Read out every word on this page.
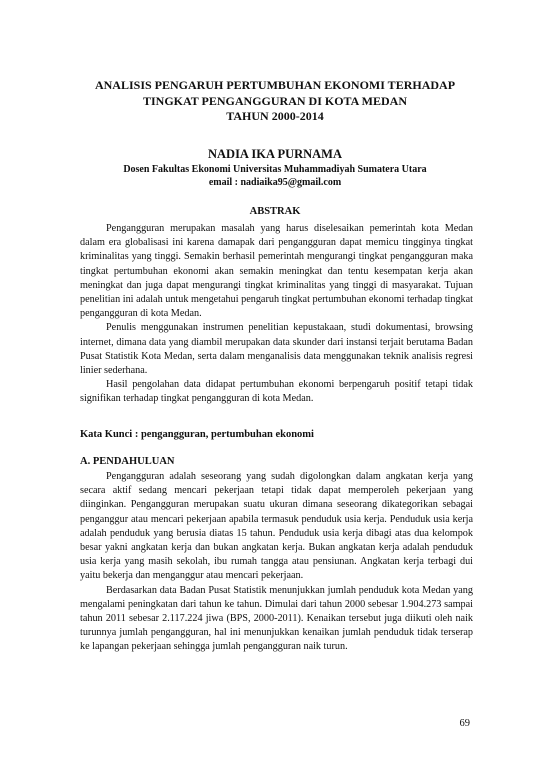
ANALISIS PENGARUH PERTUMBUHAN EKONOMI TERHADAP
TINGKAT PENGANGGURAN DI KOTA MEDAN
TAHUN 2000-2014
NADIA IKA PURNAMA
Dosen Fakultas Ekonomi Universitas Muhammadiyah Sumatera Utara
email : nadiaika95@gmail.com
ABSTRAK

Pengangguran merupakan masalah yang harus diselesaikan pemerintah kota Medan dalam era globalisasi ini karena damapak dari pengangguran dapat memicu tingginya tingkat kriminalitas yang tinggi. Semakin berhasil pemerintah mengurangi tingkat pengangguran maka tingkat pertumbuhan ekonomi akan semakin meningkat dan tentu kesempatan kerja akan meningkat dan juga dapat mengurangi tingkat kriminalitas yang tinggi di masyarakat. Tujuan penelitian ini adalah untuk mengetahui pengaruh tingkat pertumbuhan ekonomi terhadap tingkat pengangguran di kota Medan.

Penulis menggunakan instrumen penelitian kepustakaan, studi dokumentasi, browsing internet, dimana data yang diambil merupakan data skunder dari instansi terjait berutama Badan Pusat Statistik Kota Medan, serta dalam menganalisis data menggunakan teknik analisis regresi linier sederhana.

Hasil pengolahan data didapat pertumbuhan ekonomi berpengaruh positif tetapi tidak signifikan terhadap tingkat pengangguran di kota Medan.

Kata Kunci : pengangguran, pertumbuhan ekonomi
A. PENDAHULUAN

Pengangguran adalah seseorang yang sudah digolongkan dalam angkatan kerja yang secara aktif sedang mencari pekerjaan tetapi tidak dapat memperoleh pekerjaan yang diinginkan. Pengangguran merupakan suatu ukuran dimana seseorang dikategorikan sebagai penganggur atau mencari pekerjaan apabila termasuk penduduk usia kerja. Penduduk usia kerja adalah penduduk yang berusia diatas 15 tahun. Penduduk usia kerja dibagi atas dua kelompok besar yakni angkatan kerja dan bukan angkatan kerja. Bukan angkatan kerja adalah penduduk usia kerja yang masih sekolah, ibu rumah tangga atau pensiunan. Angkatan kerja terbagi dui yaitu bekerja dan menganggur atau mencari pekerjaan.

Berdasarkan data Badan Pusat Statistik menunjukkan jumlah penduduk kota Medan yang mengalami peningkatan dari tahun ke tahun. Dimulai dari tahun 2000 sebesar 1.904.273 sampai tahun 2011 sebesar 2.117.224 jiwa (BPS, 2000-2011). Kenaikan tersebut juga diikuti oleh naik turunnya jumlah pengangguran, hal ini menunjukkan kenaikan jumlah penduduk tidak terserap ke lapangan pekerjaan sehingga jumlah pengangguran naik turun.

69
